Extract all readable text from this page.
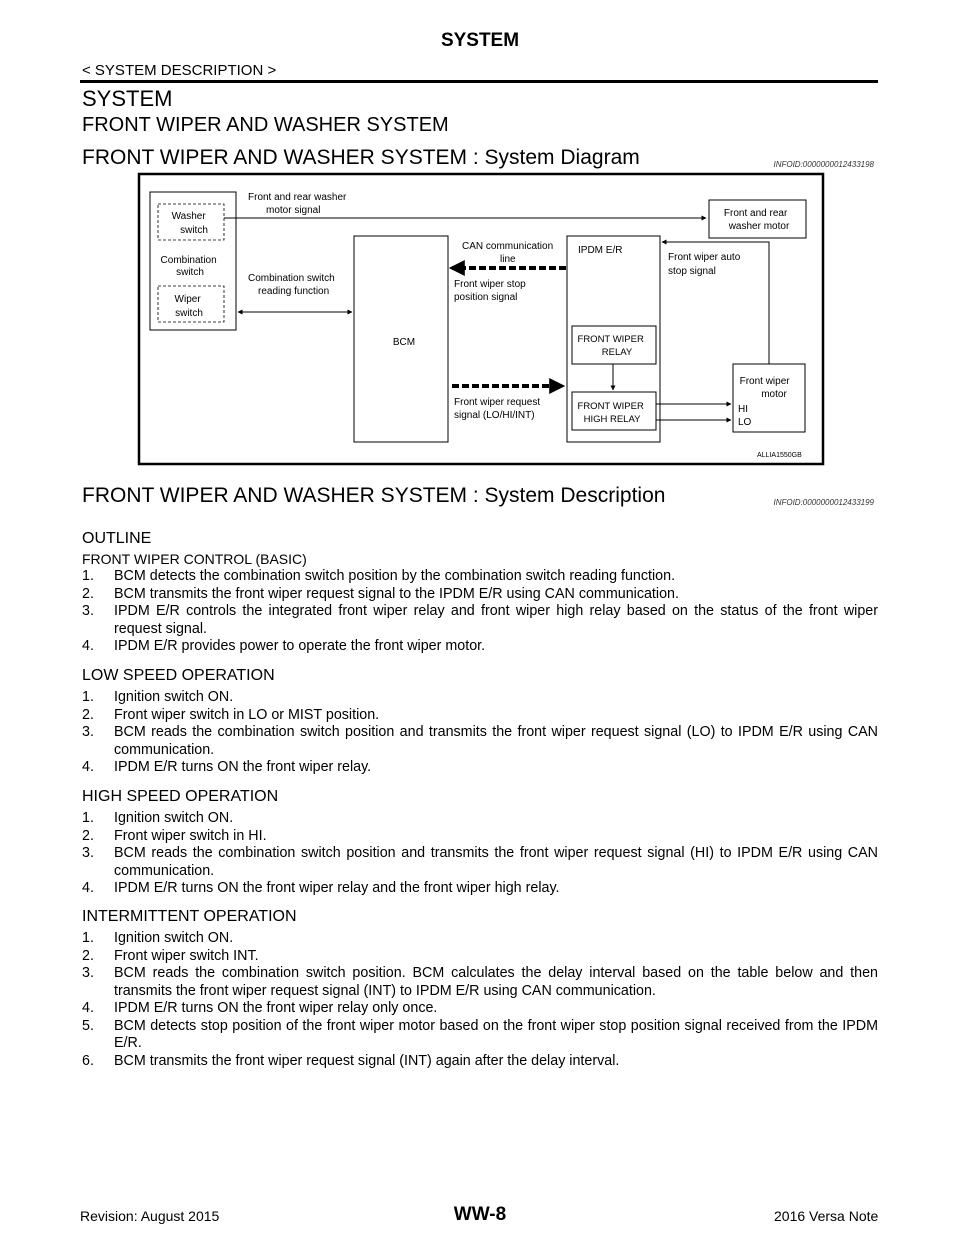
SYSTEM
< SYSTEM DESCRIPTION >
SYSTEM
FRONT WIPER AND WASHER SYSTEM
FRONT WIPER AND WASHER SYSTEM : System Diagram	INFOID:0000000012433198
Washer switch
Combination switch
Wiper switch
Front and rear washer motor signal	Front and rear washer motor
Combination switch reading function
BCM
CAN communication line
Front wiper stop position signal
Front wiper request signal (LO/HI/INT)
IPDM E/R
FRONT WIPER RELAY
FRONT WIPER HIGH RELAY
Front wiper motor
HI
LO
Front wiper auto stop signal
ALLIA1550GB
FRONT WIPER AND WASHER SYSTEM : System Description	INFOID:0000000012433199
OUTLINE
FRONT WIPER CONTROL (BASIC)
1. BCM detects the combination switch position by the combination switch reading function.
2. BCM transmits the front wiper request signal to the IPDM E/R using CAN communication.
3. IPDM E/R controls the integrated front wiper relay and front wiper high relay based on the status of the front wiper request signal.
4. IPDM E/R provides power to operate the front wiper motor.
LOW SPEED OPERATION
1. Ignition switch ON.
2. Front wiper switch in LO or MIST position.
3. BCM reads the combination switch position and transmits the front wiper request signal (LO) to IPDM E/R using CAN communication.
4. IPDM E/R turns ON the front wiper relay.
HIGH SPEED OPERATION
1. Ignition switch ON.
2. Front wiper switch in HI.
3. BCM reads the combination switch position and transmits the front wiper request signal (HI) to IPDM E/R using CAN communication.
4. IPDM E/R turns ON the front wiper relay and the front wiper high relay.
INTERMITTENT OPERATION
1. Ignition switch ON.
2. Front wiper switch INT.
3. BCM reads the combination switch position. BCM calculates the delay interval based on the table below and then transmits the front wiper request signal (INT) to IPDM E/R using CAN communication.
4. IPDM E/R turns ON the front wiper relay only once.
5. BCM detects stop position of the front wiper motor based on the front wiper stop position signal received from the IPDM E/R.
6. BCM transmits the front wiper request signal (INT) again after the delay interval.
Revision: August 2015	WW-8	2016 Versa Note
